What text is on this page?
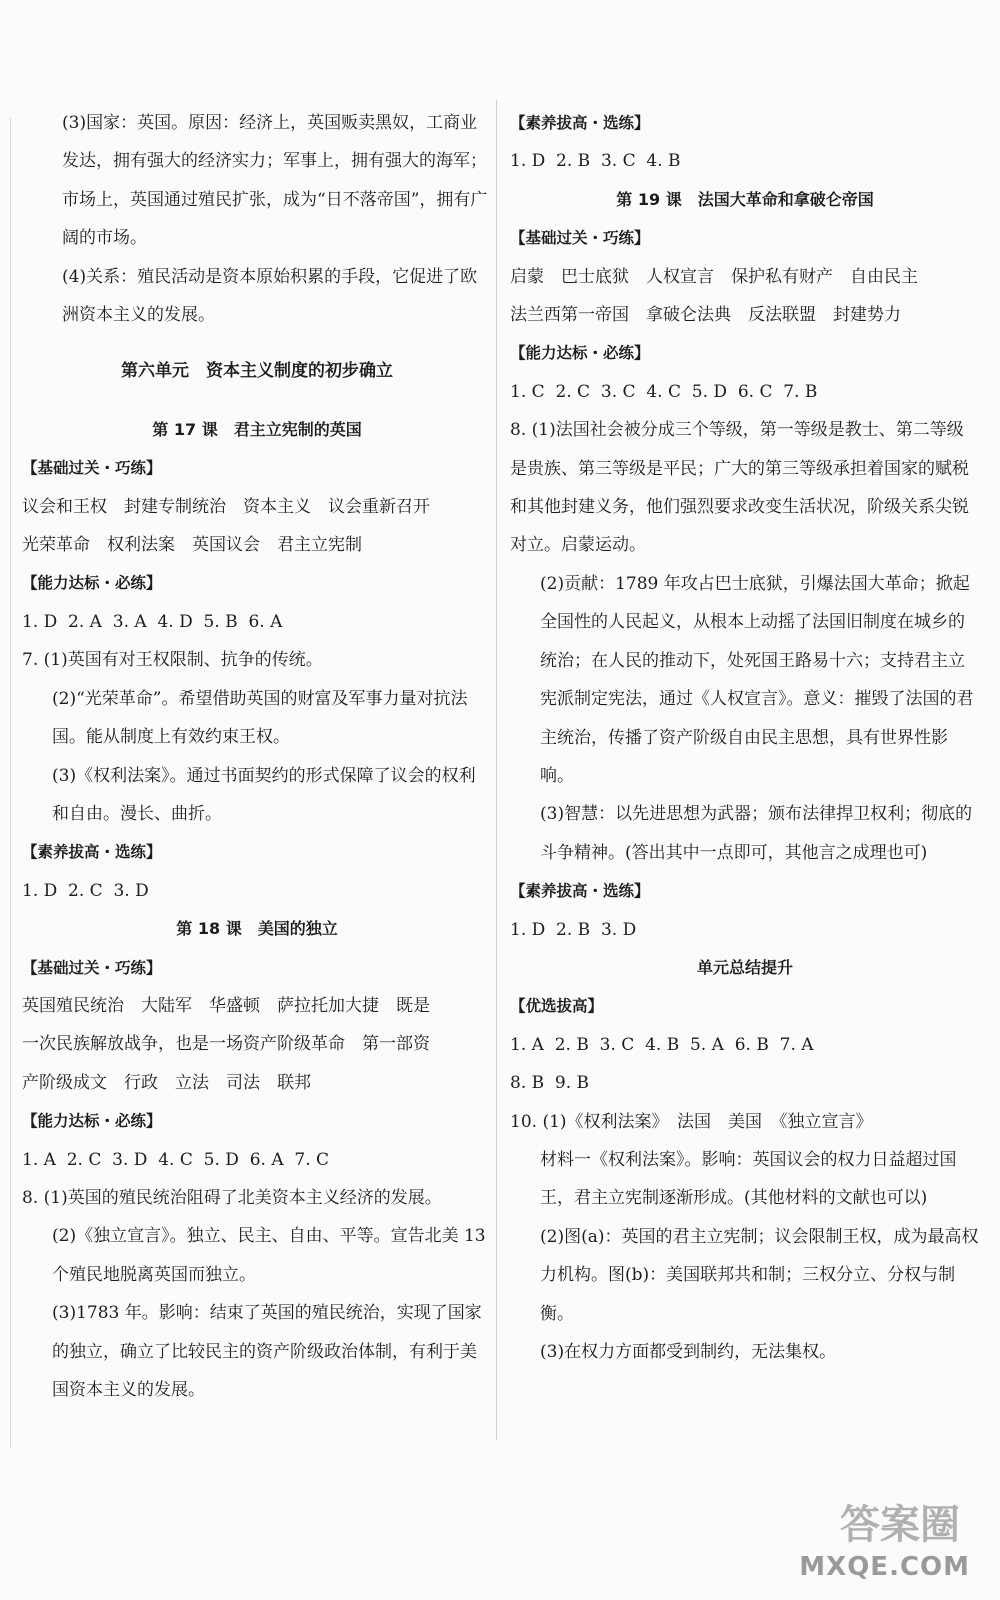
(3)国家：英国。原因：经济上，英国贩卖黑奴，工商业发达，拥有强大的经济实力；军事上，拥有强大的海军；市场上，英国通过殖民扩张，成为“日不落帝国”，拥有广阔的市场。

(4)关系：殖民活动是资本原始积累的手段，它促进了欧洲资本主义的发展。

第六单元　资本主义制度的初步确立

第 17 课　君主立宪制的英国

【基础过关・巧练】

议会和王权　封建专制统治　资本主义　议会重新召开

光荣革命　权利法案　英国议会　君主立宪制

【能力达标・必练】

1. D  2. A  3. A  4. D  5. B  6. A

7. (1)英国有对王权限制、抗争的传统。

(2)“光荣革命”。希望借助英国的财富及军事力量对抗法国。能从制度上有效约束王权。

(3)《权利法案》。通过书面契约的形式保障了议会的权利和自由。漫长、曲折。

【素养拔高・选练】

1. D  2. C  3. D

第 18 课　美国的独立

【基础过关・巧练】

英国殖民统治　大陆军　华盛顿　萨拉托加大捷　既是

一次民族解放战争，也是一场资产阶级革命　第一部资

产阶级成文　行政　立法　司法　联邦

【能力达标・必练】

1. A  2. C  3. D  4. C  5. D  6. A  7. C

8. (1)英国的殖民统治阻碍了北美资本主义经济的发展。

(2)《独立宣言》。独立、民主、自由、平等。宣告北美 13 个殖民地脱离英国而独立。

(3)1783 年。影响：结束了英国的殖民统治，实现了国家的独立，确立了比较民主的资产阶级政治体制，有利于美国资本主义的发展。

【素养拔高・选练】

1. D  2. B  3. C  4. B

第 19 课　法国大革命和拿破仑帝国

【基础过关・巧练】

启蒙　巴士底狱　人权宣言　保护私有财产　自由民主

法兰西第一帝国　拿破仑法典　反法联盟　封建势力

【能力达标・必练】

1. C  2. C  3. C  4. C  5. D  6. C  7. B

8. (1)法国社会被分成三个等级，第一等级是教士、第二等级是贵族、第三等级是平民；广大的第三等级承担着国家的赋税和其他封建义务，他们强烈要求改变生活状况，阶级关系尖锐对立。启蒙运动。

(2)贡献：1789 年攻占巴士底狱，引爆法国大革命；掀起全国性的人民起义，从根本上动摇了法国旧制度在城乡的统治；在人民的推动下，处死国王路易十六；支持君主立宪派制定宪法，通过《人权宣言》。意义：摧毁了法国的君主统治，传播了资产阶级自由民主思想，具有世界性影响。

(3)智慧：以先进思想为武器；颁布法律捍卫权利；彻底的斗争精神。(答出其中一点即可，其他言之成理也可)

【素养拔高・选练】

1. D  2. B  3. D

单元总结提升

【优选拔高】

1. A  2. B  3. C  4. B  5. A  6. B  7. A

8. B  9. B

10. (1)《权利法案》　法国　美国　《独立宣言》

材料一《权利法案》。影响：英国议会的权力日益超过国王，君主立宪制逐渐形成。(其他材料的文献也可以)

(2)图(a)：英国的君主立宪制；议会限制王权，成为最高权力机构。图(b)：美国联邦共和制；三权分立、分权与制衡。

(3)在权力方面都受到制约，无法集权。

答案圈
MXQE.COM
